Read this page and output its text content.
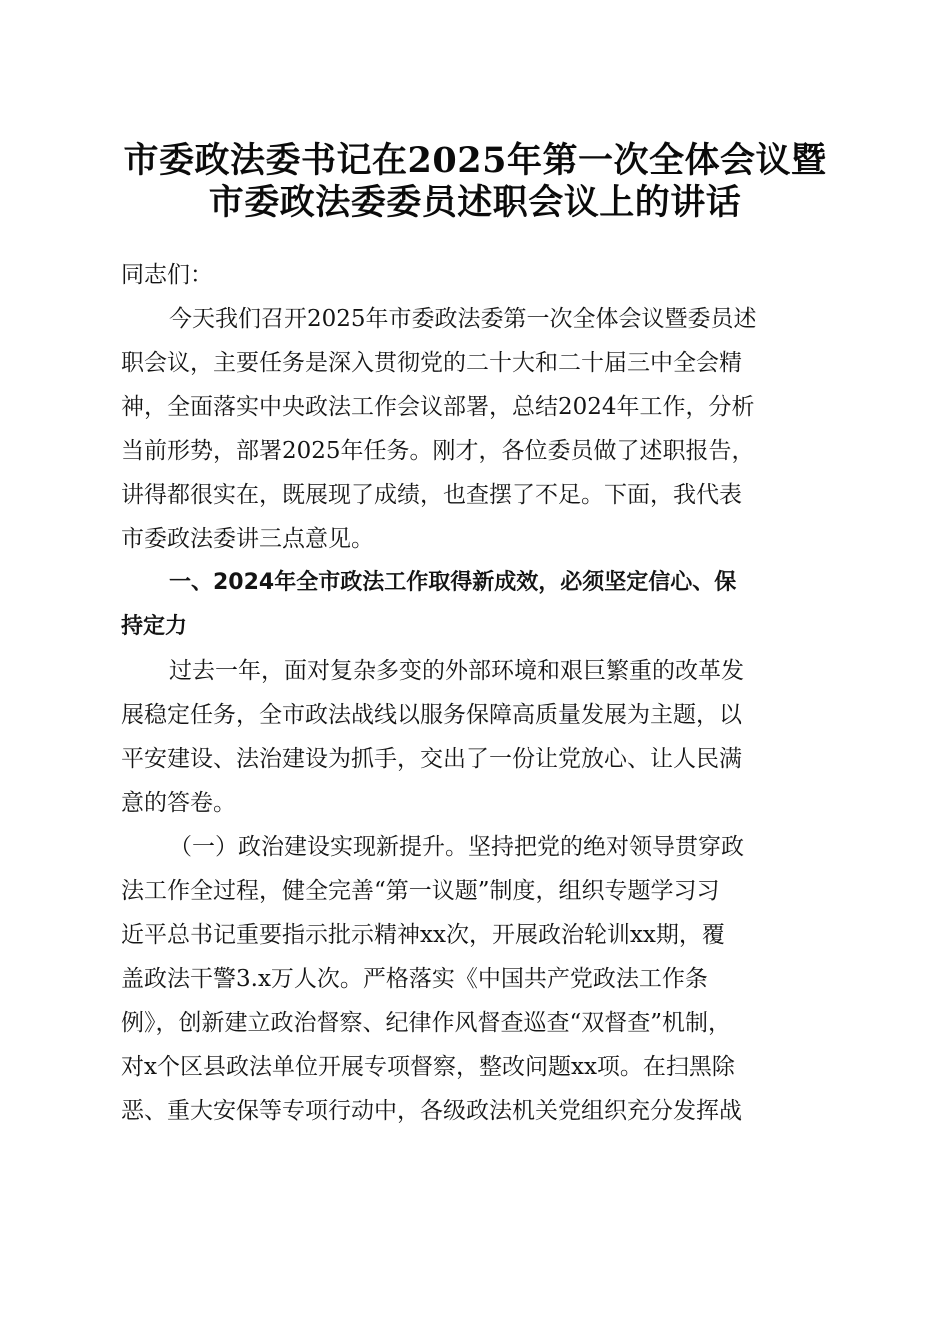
市委政法委书记在2025年第一次全体会议暨
市委政法委委员述职会议上的讲话
同志们：
今天我们召开2025年市委政法委第一次全体会议暨委员述
职会议，主要任务是深入贯彻党的二十大和二十届三中全会精
神，全面落实中央政法工作会议部署，总结2024年工作，分析
当前形势，部署2025年任务。刚才，各位委员做了述职报告，
讲得都很实在，既展现了成绩，也查摆了不足。下面，我代表
市委政法委讲三点意见。
一、2024年全市政法工作取得新成效，必须坚定信心、保
持定力
过去一年，面对复杂多变的外部环境和艰巨繁重的改革发
展稳定任务，全市政法战线以服务保障高质量发展为主题，以
平安建设、法治建设为抓手，交出了一份让党放心、让人民满
意的答卷。
（一）政治建设实现新提升。坚持把党的绝对领导贯穿政
法工作全过程，健全完善“第一议题”制度，组织专题学习习
近平总书记重要指示批示精神xx次，开展政治轮训xx期，覆
盖政法干警3.x万人次。严格落实《中国共产党政法工作条
例》，创新建立政治督察、纪律作风督查巡查“双督查”机制，
对x个区县政法单位开展专项督察，整改问题xx项。在扫黑除
恶、重大安保等专项行动中，各级政法机关党组织充分发挥战
